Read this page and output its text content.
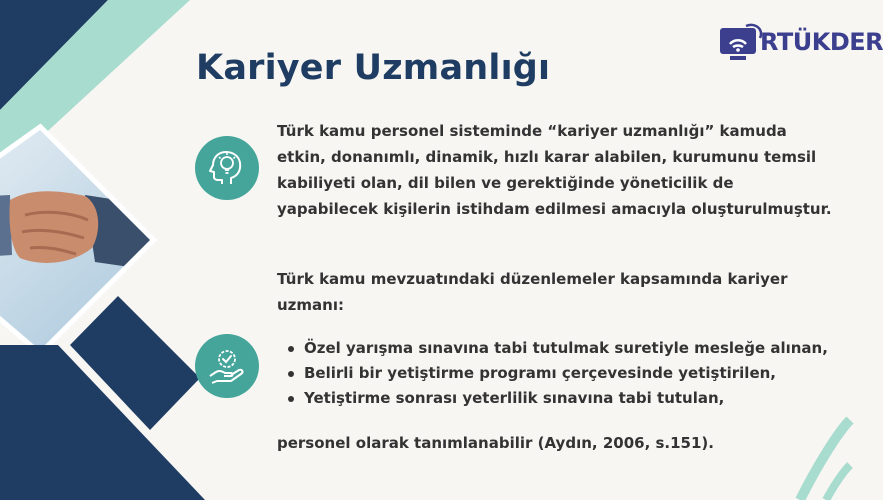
RTÜKDER
Kariyer Uzmanlığı

Türk kamu personel sisteminde “kariyer uzmanlığı” kamuda etkin, donanımlı, dinamik, hızlı karar alabilen, kurumunu temsil kabiliyeti olan, dil bilen ve gerektiğinde yöneticilik de yapabilecek kişilerin istihdam edilmesi amacıyla oluşturulmuştur.

Türk kamu mevzuatındaki düzenlemeler kapsamında kariyer uzmanı:

Özel yarışma sınavına tabi tutulmak suretiyle mesleğe alınan,
Belirli bir yetiştirme programı çerçevesinde yetiştirilen,
Yetiştirme sonrası yeterlilik sınavına tabi tutulan,

personel olarak tanımlanabilir (Aydın, 2006, s.151).
